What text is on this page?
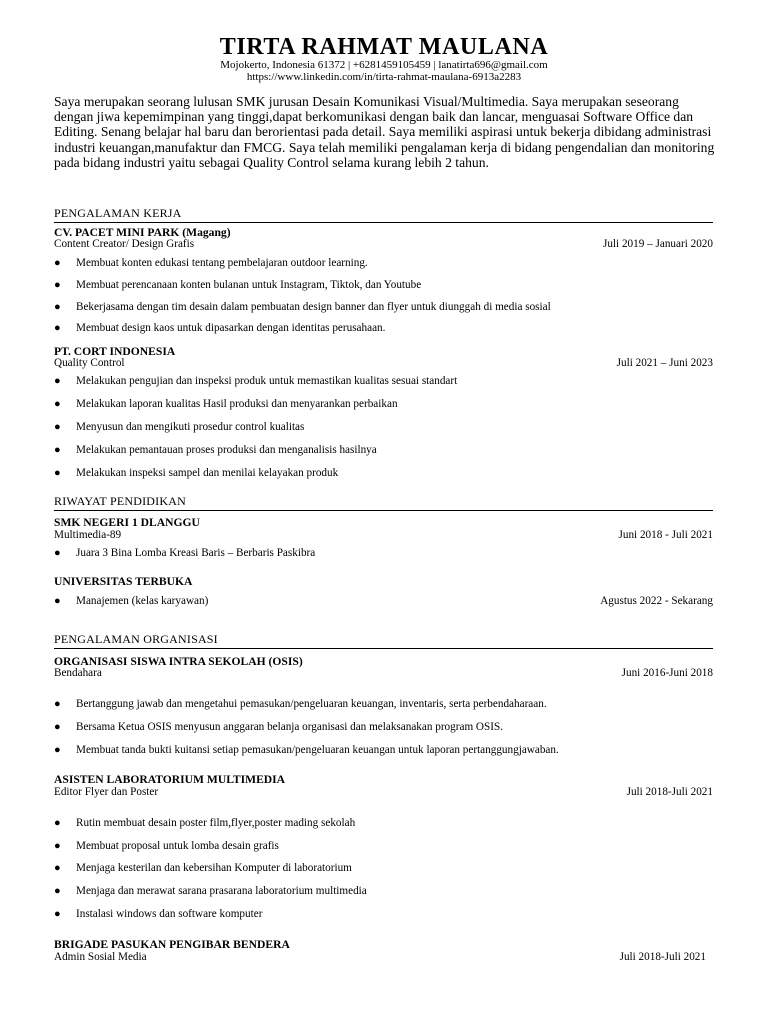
TIRTA RAHMAT MAULANA
Mojokerto, Indonesia 61372 | +6281459105459 | lanatirta696@gmail.com
https://www.linkedin.com/in/tirta-rahmat-maulana-6913a2283
Saya merupakan seorang lulusan SMK jurusan Desain Komunikasi Visual/Multimedia. Saya merupakan seseorang dengan jiwa kepemimpinan yang tinggi,dapat berkomunikasi dengan baik dan lancar, menguasai Software Office dan Editing. Senang belajar hal baru dan berorientasi pada detail. Saya memiliki aspirasi untuk bekerja dibidang administrasi industri keuangan,manufaktur dan FMCG. Saya telah memiliki pengalaman kerja di bidang pengendalian dan monitoring pada bidang industri yaitu sebagai Quality Control selama kurang lebih 2 tahun.
PENGALAMAN KERJA
CV. PACET MINI PARK (Magang)
Content Creator/ Design Grafis	Juli 2019 – Januari 2020
● Membuat konten edukasi tentang pembelajaran outdoor learning.
● Membuat perencanaan konten bulanan untuk Instagram, Tiktok, dan Youtube
● Bekerjasama dengan tim desain dalam pembuatan design banner dan flyer untuk diunggah di media sosial
● Membuat design kaos untuk dipasarkan dengan identitas perusahaan.
PT. CORT INDONESIA
Quality Control	Juli 2021 – Juni 2023
● Melakukan pengujian dan inspeksi produk untuk memastikan kualitas sesuai standart
● Melakukan laporan kualitas Hasil produksi dan menyarankan perbaikan
● Menyusun dan mengikuti prosedur control kualitas
● Melakukan pemantauan proses produksi dan menganalisis hasilnya
● Melakukan inspeksi sampel dan menilai kelayakan produk
RIWAYAT PENDIDIKAN
SMK NEGERI 1 DLANGGU
Multimedia-89	Juni 2018 - Juli 2021
● Juara 3 Bina Lomba Kreasi Baris – Berbaris Paskibra
UNIVERSITAS TERBUKA
● Manajemen (kelas karyawan)	Agustus 2022 - Sekarang
PENGALAMAN ORGANISASI
ORGANISASI SISWA INTRA SEKOLAH (OSIS)
Bendahara	Juni 2016-Juni 2018
● Bertanggung jawab dan mengetahui pemasukan/pengeluaran keuangan, inventaris, serta perbendaharaan.
● Bersama Ketua OSIS menyusun anggaran belanja organisasi dan melaksanakan program OSIS.
● Membuat tanda bukti kuitansi setiap pemasukan/pengeluaran keuangan untuk laporan pertanggungjawaban.
ASISTEN LABORATORIUM MULTIMEDIA
Editor Flyer dan Poster	Juli 2018-Juli 2021
● Rutin membuat desain poster film,flyer,poster mading sekolah
● Membuat proposal untuk lomba desain grafis
● Menjaga kesterilan dan kebersihan Komputer di laboratorium
● Menjaga dan merawat sarana prasarana laboratorium multimedia
● Instalasi windows dan software komputer
BRIGADE PASUKAN PENGIBAR BENDERA
Admin Sosial Media	Juli 2018-Juli 2021
